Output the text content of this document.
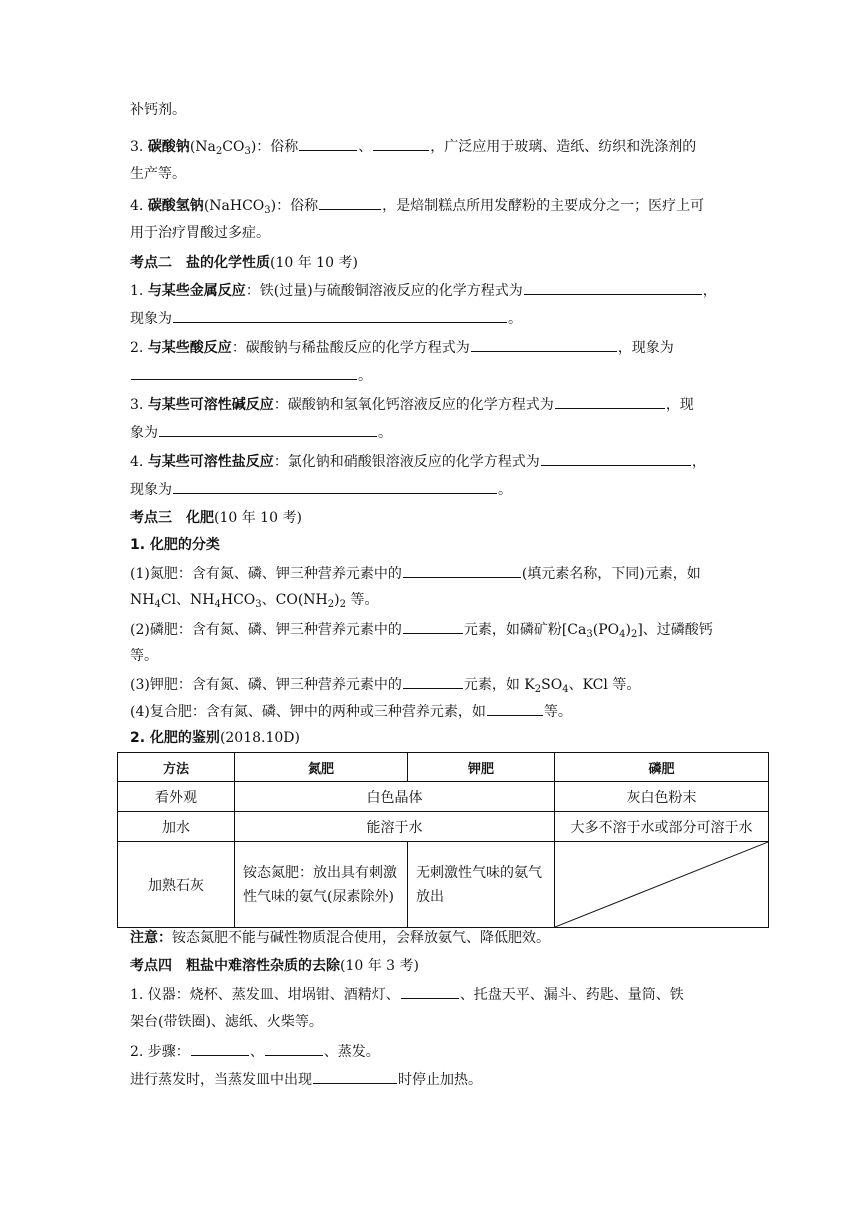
补钙剂。
3. 碳酸钠$(Na_2CO_3)$：俗称	、	，广泛应用于玻璃、造纸、纺织和洗涤剂的
生产等。
4. 碳酸氢钠(NaHCO$_3$)：俗称	，是焙制糕点所用发酵粉的主要成分之一；医疗上可
用于治疗胃酸过多症。
考点二　盐的化学性质(10 年 10 考)
1. 与某些金属反应：铁(过量)与硫酸铜溶液反应的化学方程式为	，
现象为	。
2. 与某些酸反应：碳酸钠与稀盐酸反应的化学方程式为	，现象为
。
3. 与某些可溶性碱反应：碳酸钠和氢氧化钙溶液反应的化学方程式为	，现
象为	。
4. 与某些可溶性盐反应：氯化钠和硝酸银溶液反应的化学方程式为	，
现象为	。
考点三　化肥(10 年 10 考)
1. 化肥的分类
(1)氮肥：含有氮、磷、钾三种营养元素中的	(填元素名称，下同)元素，如
$NH_4Cl$、$NH_4HCO_3$、$CO(NH_2)_2$ 等。
(2)磷肥：含有氮、磷、钾三种营养元素中的	元素，如磷矿粉$[Ca_3(PO_4)_2]$、过磷酸钙
等。
(3)钾肥：含有氮、磷、钾三种营养元素中的	元素，如 $K_2SO_4$、KCl 等。
(4)复合肥：含有氮、磷、钾中的两种或三种营养元素，如	等。
2. 化肥的鉴别(2018.10D)
方法	氮肥	钾肥	磷肥
看外观	白色晶体		灰白色粉末
加水	能溶于水		大多不溶于水或部分可溶于水
加熟石灰	铵态氮肥：放出具有刺激性气味的氨气(尿素除外)	无刺激性气味的氨气放出	
注意：铵态氮肥不能与碱性物质混合使用，会释放氨气、降低肥效。
考点四　粗盐中难溶性杂质的去除(10 年 3 考)
1. 仪器：烧杯、蒸发皿、坩埚钳、酒精灯、	、托盘天平、漏斗、药匙、量筒、铁
架台(带铁圈)、滤纸、火柴等。
2. 步骤：	、	、蒸发。
进行蒸发时，当蒸发皿中出现	时停止加热。
